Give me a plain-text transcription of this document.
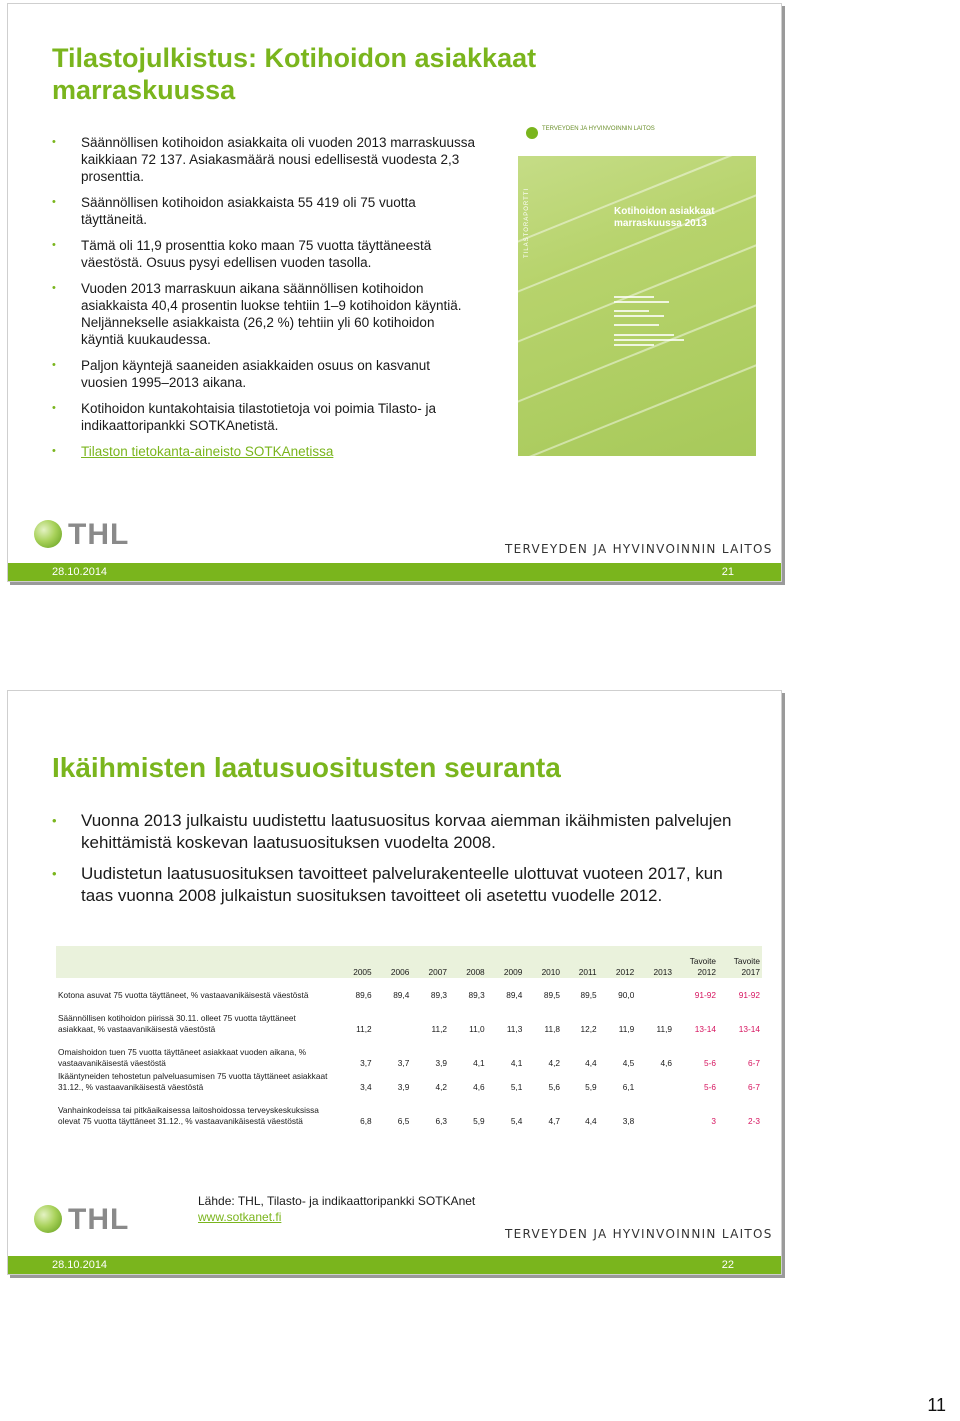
Tilastojulkistus: Kotihoidon asiakkaat marraskuussa
• Säännöllisen kotihoidon asiakkaita oli vuoden 2013 marraskuussa kaikkiaan 72 137. Asiakasmäärä nousi edellisestä vuodesta 2,3 prosenttia.
• Säännöllisen kotihoidon asiakkaista 55 419 oli 75 vuotta täyttäneitä.
• Tämä oli 11,9 prosenttia koko maan 75 vuotta täyttäneestä väestöstä. Osuus pysyi edellisen vuoden tasolla.
• Vuoden 2013 marraskuun aikana säännöllisen kotihoidon asiakkaista 40,4 prosentin luokse tehtiin 1–9 kotihoidon käyntiä. Neljännekselle asiakkaista (26,2 %) tehtiin yli 60 kotihoidon käyntiä kuukaudessa.
• Paljon käyntejä saaneiden asiakkaiden osuus on kasvanut vuosien 1995–2013 aikana.
• Kotihoidon kuntakohtaisia tilastotietoja voi poimia Tilasto- ja indikaattoripankki SOTKAnetistä.
• Tilaston tietokanta-aineisto SOTKAnetissa
TERVEYDEN JA HYVINVOINNIN LAITOS
TILASTORAPORTTI	Kotihoidon asiakkaat marraskuussa 2013
THL	TERVEYDEN JA HYVINVOINNIN LAITOS
28.10.2014	21
Ikäihmisten laatusuositusten seuranta
• Vuonna 2013 julkaistu uudistettu laatusuositus korvaa aiemman ikäihmisten palvelujen kehittämistä koskevan laatusuosituksen vuodelta 2008.
• Uudistetun laatusuosituksen tavoitteet palvelurakenteelle ulottuvat vuoteen 2017, kun taas vuonna 2008 julkaistun suosituksen tavoitteet oli asetettu vuodelle 2012.
	2005	2006	2007	2008	2009	2010	2011	2012	2013	Tavoite 2012	Tavoite 2017
Kotona asuvat 75 vuotta täyttäneet, % vastaavanikäisestä väestöstä	89,6	89,4	89,3	89,3	89,4	89,5	89,5	90,0		91-92	91-92
Säännöllisen kotihoidon piirissä 30.11. olleet 75 vuotta täyttäneet asiakkaat, % vastaavanikäisestä väestöstä	11,2		11,2	11,0	11,3	11,8	12,2	11,9	11,9	13-14	13-14
Omaishoidon tuen 75 vuotta täyttäneet asiakkaat vuoden aikana, % vastaavanikäisestä väestöstä	3,7	3,7	3,9	4,1	4,1	4,2	4,4	4,5	4,6	5-6	6-7
Ikääntyneiden tehostetun palveluasumisen 75 vuotta täyttäneet asiakkaat 31.12., % vastaavanikäisestä väestöstä	3,4	3,9	4,2	4,6	5,1	5,6	5,9	6,1		5-6	6-7
Vanhainkodeissa tai pitkäaikaisessa laitoshoidossa terveyskeskuksissa olevat 75 vuotta täyttäneet 31.12., % vastaavanikäisestä väestöstä	6,8	6,5	6,3	5,9	5,4	4,7	4,4	3,8		3	2-3
Lähde: THL, Tilasto- ja indikaattoripankki SOTKAnet
www.sotkanet.fi
THL	TERVEYDEN JA HYVINVOINNIN LAITOS
28.10.2014	22
11
